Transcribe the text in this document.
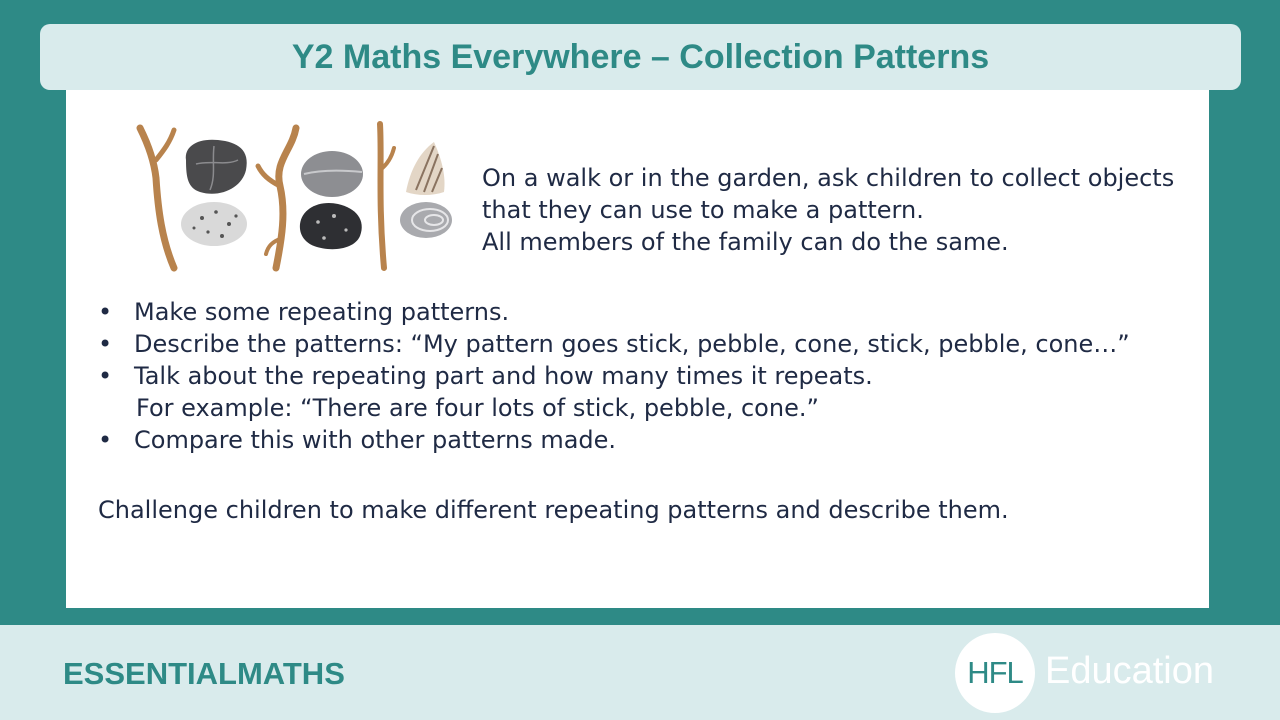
Y2 Maths Everywhere – Collection Patterns
On a walk or in the garden, ask children to collect objects
that they can use to make a pattern.
All members of the family can do the same.
• Make some repeating patterns.
• Describe the patterns: “My pattern goes stick, pebble, cone, stick, pebble, cone…”
• Talk about the repeating part and how many times it repeats.
For example: “There are four lots of stick, pebble, cone.”
• Compare this with other patterns made.
Challenge children to make different repeating patterns and describe them.
ESSENTIALMATHS	HFL Education
